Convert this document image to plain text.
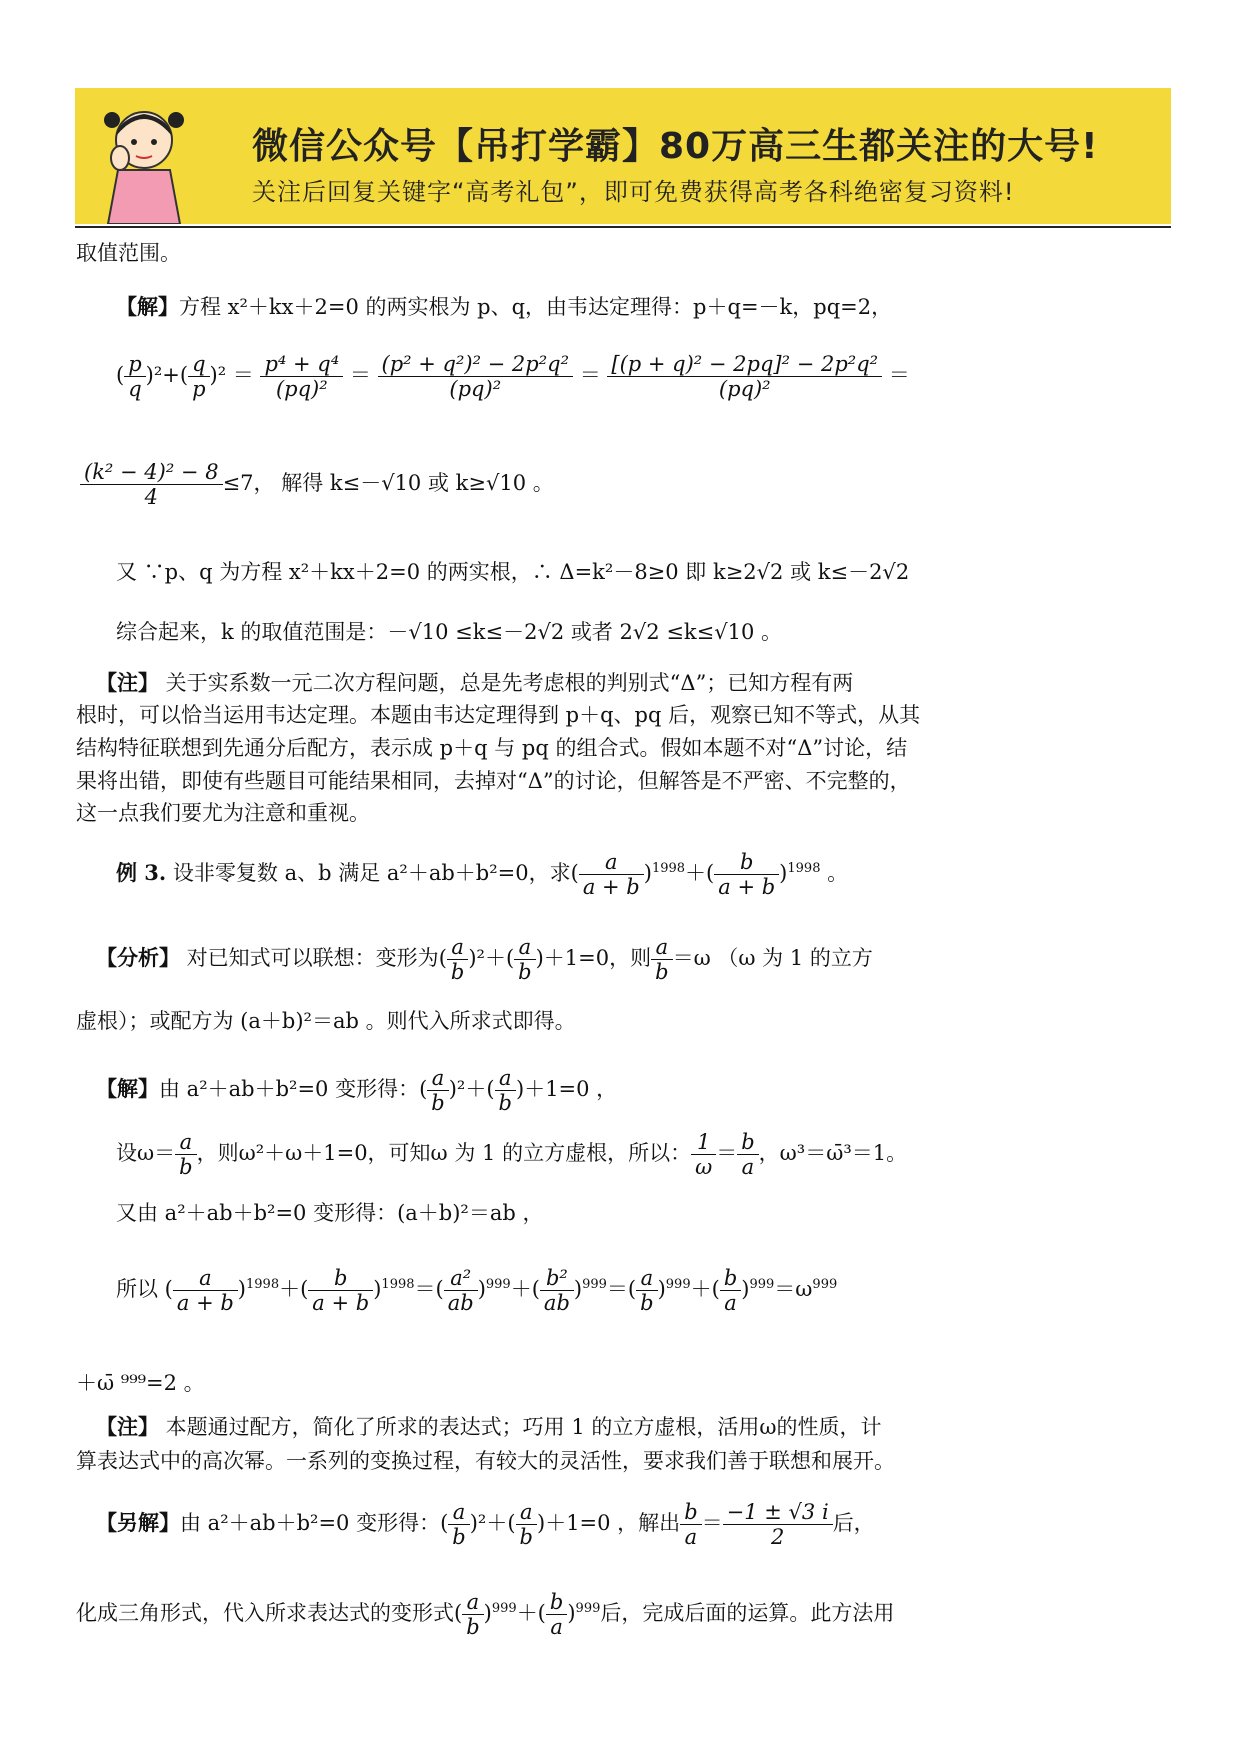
微信公众号【吊打学霸】80万高三生都关注的大号!
关注后回复关键字“高考礼包”，即可免费获得高考各科绝密复习资料!
取值范围。
【解】方程 x²＋kx＋2=0 的两实根为 p、q，由韦达定理得：p＋q=－k，pq=2，
( $\frac{p}{q} )^2+( \frac{q}{p} )^2 = \frac{\text{p⁴ + q⁴}}{\text{(pq)²}} = \frac{\text{(p² + q²)² − 2p²q²}}{\text{(pq)²}} = \frac{\text{[(p + q)² − 2pq]² − 2p²q²}}{\text{(pq)²}}$ ＝
$\frac{\text{(k² − 4)² − 8}}{4} \le 7$， 解得 k≤－√10 或 k≥√10 。
又 ∵p、q 为方程 x²＋kx＋2=0 的两实根，∴ Δ=k²－8≥0 即 k≥2√2 或 k≤－2√2
综合起来，k 的取值范围是：－√10 ≤k≤－2√2 或者 2√2 ≤k≤√10 。
【注】 关于实系数一元二次方程问题，总是先考虑根的判别式“Δ”；已知方程有两
根时，可以恰当运用韦达定理。本题由韦达定理得到 p＋q、pq 后，观察已知不等式，从其
结构特征联想到先通分后配方，表示成 p＋q 与 pq 的组合式。假如本题不对“Δ”讨论，结
果将出错，即使有些题目可能结果相同，去掉对“Δ”的讨论，但解答是不严密、不完整的，
这一点我们要尤为注意和重视。
例 3. 设非零复数 a、b 满足 a²＋ab＋b²=0，求( $\frac{a}{a + b} )^{1998}+( \frac{b}{a + b} )^{1998}$ 。
【分析】 对已知式可以联想：变形为( $\frac{a}{b} )^2+( \frac{a}{b} )+1=0$，则 $\frac{a}{b} =\omega$ （ω 为 1 的立方
虚根）；或配方为 (a＋b)²＝ab 。则代入所求式即得。
【解】由 a²＋ab＋b²=0 变形得：( $\frac{a}{b} )^2+( \frac{a}{b} )+1=0$ ，
设$\omega= \frac{a}{b}$ ，则ω²＋ω＋1=0，可知ω 为 1 的立方虚根，所以： $\frac{1}{\omega} = \frac{b}{a}$ ，ω³＝ω̄³＝1。
又由 a²＋ab＋b²=0 变形得：(a＋b)²＝ab ，
所以 ( $\frac{a}{a + b} )^{1998}+( \frac{b}{a + b} )^{1998}=( \frac{\text{a²}}{ab} )^{999}+( \frac{\text{b²}}{ab} )^{999}=( \frac{a}{b} )^{999}+( \frac{b}{a} )^{999}=\omega^{999}$
＋ω̄ ⁹⁹⁹=2 。
【注】 本题通过配方，简化了所求的表达式；巧用 1 的立方虚根，活用ω的性质，计
算表达式中的高次幂。一系列的变换过程，有较大的灵活性，要求我们善于联想和展开。
【另解】由 a²＋ab＋b²=0 变形得：( $\frac{a}{b} )^2+( \frac{a}{b} )+1=0$ ，解出 $\frac{b}{a} = \frac{-1 \pm √3 i}{2}$ 后，
化成三角形式，代入所求表达式的变形式( $\frac{a}{b} )^{999}+( \frac{b}{a} )^{999}$后，完成后面的运算。此方法用
